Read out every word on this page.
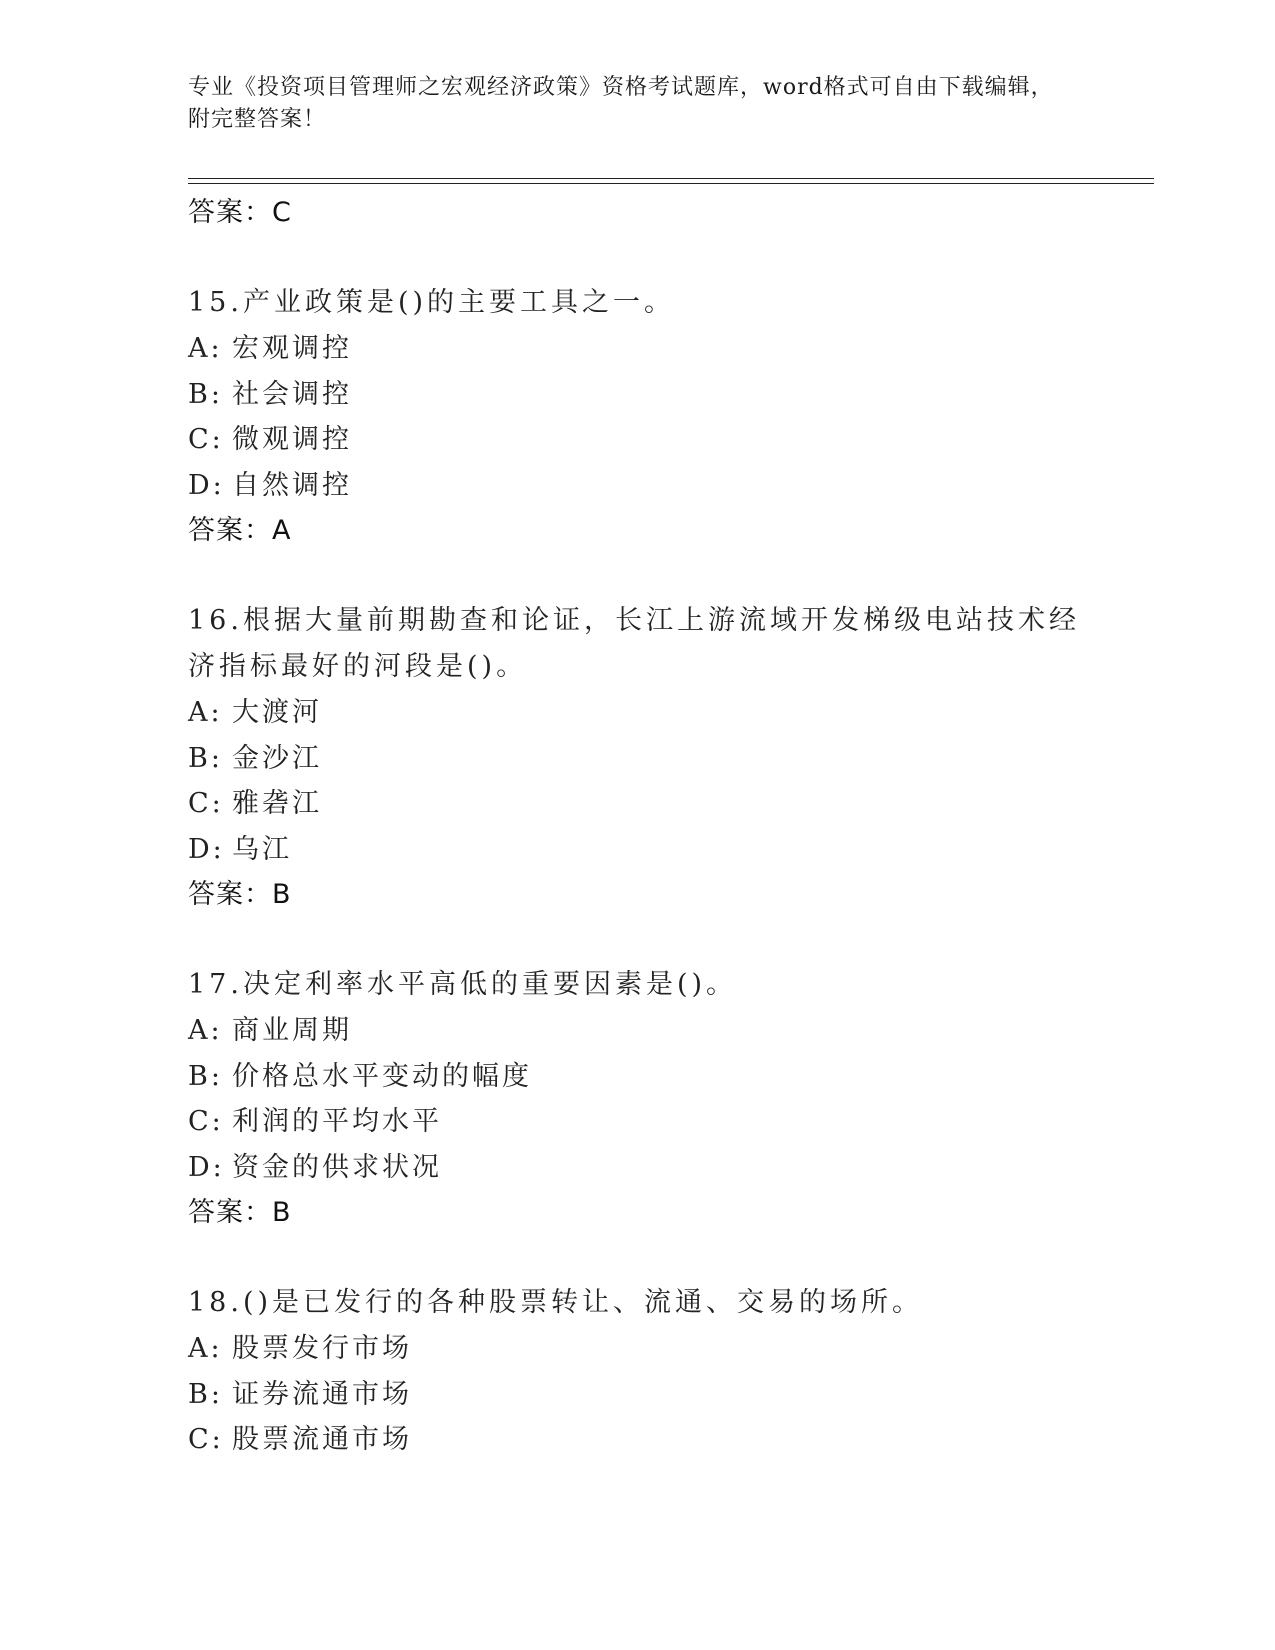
专业《投资项目管理师之宏观经济政策》资格考试题库，word格式可自由下载编辑，附完整答案！
答案：C
15.产业政策是()的主要工具之一。
A: 宏观调控
B: 社会调控
C: 微观调控
D: 自然调控
答案：A
16.根据大量前期勘查和论证，长江上游流域开发梯级电站技术经济指标最好的河段是()。
A: 大渡河
B: 金沙江
C: 雅砻江
D: 乌江
答案：B
17.决定利率水平高低的重要因素是()。
A: 商业周期
B: 价格总水平变动的幅度
C: 利润的平均水平
D: 资金的供求状况
答案：B
18.()是已发行的各种股票转让、流通、交易的场所。
A: 股票发行市场
B: 证券流通市场
C: 股票流通市场
